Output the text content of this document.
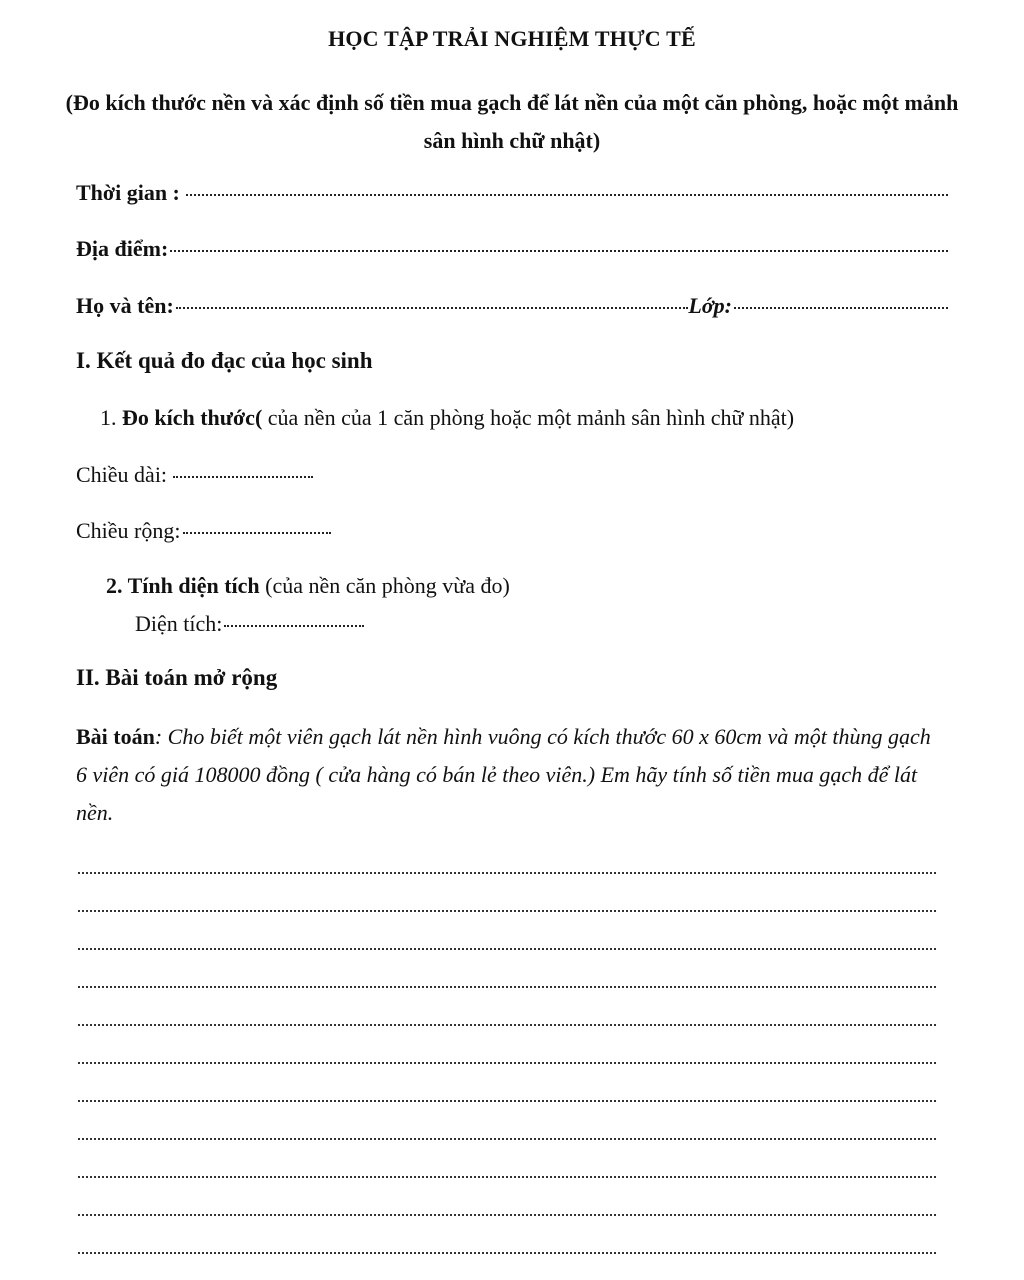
HỌC TẬP TRẢI NGHIỆM THỰC TẾ
(Đo kích thước nền và xác định số tiền mua gạch để lát nền của một căn phòng, hoặc một mảnh sân hình chữ nhật)
Thời gian :
Địa điểm:
Họ và tên:	Lớp:
I. Kết quả đo đạc của học sinh
1. Đo kích thước( của nền của 1 căn phòng hoặc một mảnh sân hình chữ nhật)
Chiều dài:
Chiều rộng:
2. Tính diện tích (của nền căn phòng vừa đo)
Diện tích:
II. Bài toán mở rộng
Bài toán: Cho biết một viên gạch lát nền hình vuông có kích thước 60 x 60cm và một thùng gạch 6 viên có giá 108000 đồng ( cửa hàng có bán lẻ theo viên.) Em hãy tính số tiền mua gạch để lát nền.
